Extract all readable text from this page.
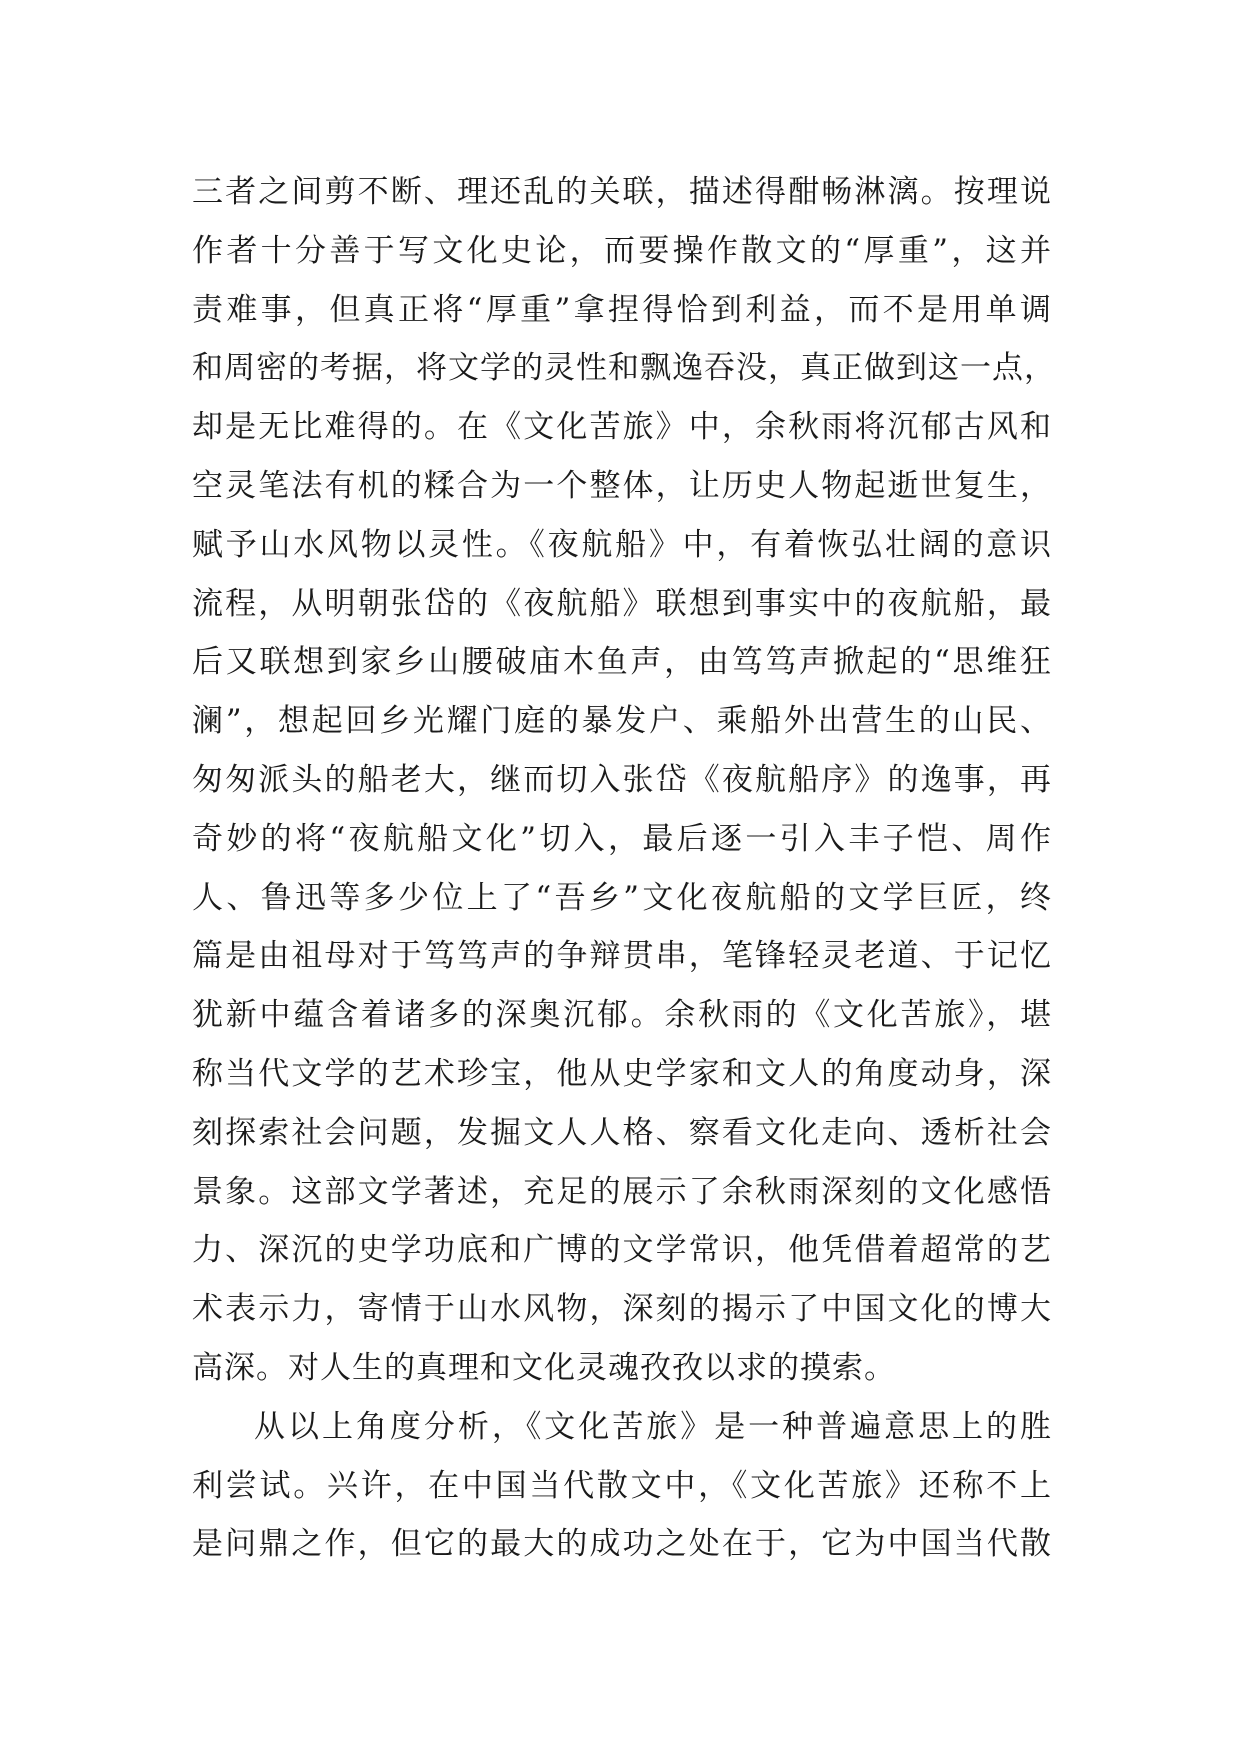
三者之间剪不断、理还乱的关联，描述得酣畅淋漓。按理说
作者十分善于写文化史论，而要操作散文的“厚重”，这并
责难事，但真正将“厚重”拿捏得恰到利益，而不是用单调
和周密的考据，将文学的灵性和飘逸吞没，真正做到这一点，
却是无比难得的。在《文化苦旅》中，余秋雨将沉郁古风和
空灵笔法有机的糅合为一个整体，让历史人物起逝世复生，
赋予山水风物以灵性。《夜航船》中，有着恢弘壮阔的意识
流程，从明朝张岱的《夜航船》联想到事实中的夜航船，最
后又联想到家乡山腰破庙木鱼声，由笃笃声掀起的“思维狂
澜”，想起回乡光耀门庭的暴发户、乘船外出营生的山民、
匆匆派头的船老大，继而切入张岱《夜航船序》的逸事，再
奇妙的将“夜航船文化”切入，最后逐一引入丰子恺、周作
人、鲁迅等多少位上了“吾乡”文化夜航船的文学巨匠，终
篇是由祖母对于笃笃声的争辩贯串，笔锋轻灵老道、于记忆
犹新中蕴含着诸多的深奥沉郁。余秋雨的《文化苦旅》，堪
称当代文学的艺术珍宝，他从史学家和文人的角度动身，深
刻探索社会问题，发掘文人人格、察看文化走向、透析社会
景象。这部文学著述，充足的展示了余秋雨深刻的文化感悟
力、深沉的史学功底和广博的文学常识，他凭借着超常的艺
术表示力，寄情于山水风物，深刻的揭示了中国文化的博大
高深。对人生的真理和文化灵魂孜孜以求的摸索。
从以上角度分析，《文化苦旅》是一种普遍意思上的胜
利尝试。兴许，在中国当代散文中，《文化苦旅》还称不上
是问鼎之作，但它的最大的成功之处在于，它为中国当代散
